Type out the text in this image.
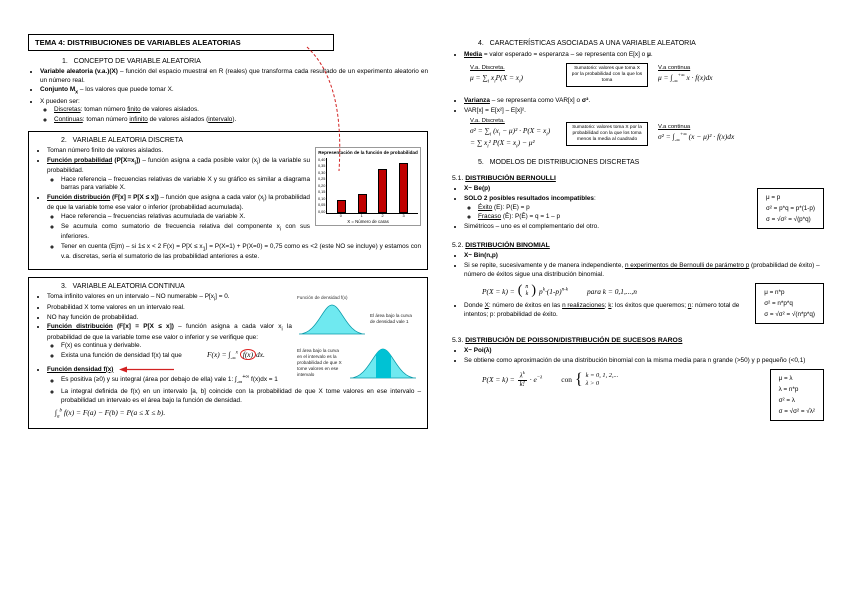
TEMA 4: DISTRIBUCIONES DE VARIABLES ALEATORIAS
1.   CONCEPTO DE VARIABLE ALEATORIA
• Variable aleatoria (v.a.)(X) – función del espacio muestral en R (reales) que transforma cada resultado de un experimento aleatorio en un número real.
• Conjunto $M_x$ – los valores que puede tomar X.
• X pueden ser:
◦ Discretas: toman número finito de valores aislados.
◦ Continuas: toman número infinito de valores aislados (intervalo).
2.   VARIABLE ALEATORIA DISCRETA
Representación de la función de probabilidad
0,40
0,35
0,30
0,25
0,20
0,15
0,10
0,05
0,00
0	1	2	3
X = Número de caras
• Toman número finito de valores aislados.
• Función probabilidad $(P[X=x_i])$ – función asigna a cada posible valor $(x_i)$ de la variable su probabilidad.
◦ Hace referencia – frecuencias relativas de variable X y su gráfico es similar a diagrama barras para variable X.
• Función distribución (F[x] = P[X ≤ x]) – función que asigna a cada valor $(x_i)$ la probabilidad de que la variable tome ese valor o inferior (probabilidad acumulada).
◦ Hace referencia – frecuencias relativas acumulada de variable X.
◦ Se acumula como sumatorio de frecuencia relativa del componente $x_i$ con sus inferiores.
◦ Tener en cuenta (Ejm) – si 1≤ x < 2 $F(x) = P[X \le x_1] = P(X=1) + P(X=0) = 0,75$ como es <2 (este NO se incluye) y estamos con v.a. discretas, sería el sumatorio de las probabilidad anteriores a este.
3.   VARIABLE ALEATORIA CONTINUA
Función de densidad f(x)
El área bajo la curva de densidad vale 1
El área bajo la curva en el intervalo es la probabilidad de que X tome valores en ese intervalo
• Toma infinito valores en un intervalo – NO numerable – $P[x_i] = 0$.
• Probabilidad X tome valores en un intervalo real.
• NO hay función de probabilidad.
• Función distribución (F[x] = P[X ≤ x]) – función asigna a cada valor $x_i$ la probabilidad de que la variable tome ese valor o inferior y se verifique que:
◦ F(x) es continua y derivable.
◦ Exista una función de densidad f(x) tal que	$F(x) = \int_{-\infty}^x$ f(x) dx.
• Función densidad f(x)
◦ Es positiva (≥0) y su integral (área por debajo de ella) vale 1: $\int_{-\infty}^{+\infty}$ f(x)dx = 1
◦ La integral definida de f(x) en un intervalo [a, b] coincide con la probabilidad de que X tome valores en ese intervalo – probabilidad un intervalo es el área bajo la función de densidad.
$\int_a^b$ f(x) = F(a) − F(b) = P(a ≤ X ≤ b).
4.   CARACTERÍSTICAS ASOCIADAS A UNA VARIABLE ALEATORIA
• Media = valor esperado = esperanza – se representa con E[x] o μ.
V.a. Discreta.
$\mu = \sum_i$ $x_iP(X = x_i)$
Sumatorio: valores que toma X por la probabilidad con la que los toma
V.a continua
$\mu = \int_{-\infty}^{+\infty}$ x · f(x)dx
• Varianza – se representa como VAR[x] o σ².
• VAR[x] = E[x²] – E[x]².
V.a. Discreta.
$\sigma^2 = \sum_i$ $(x_i - \mu)^2 \cdot P(X = x_i)$
= ∑ $x_i^2$ $P(X = x_i) - \mu^2$
Sumatorio: valores toma X por la probabilidad con la que los toma menos la media al cuadrado
V.a continua
$\sigma^2 = \int_{-\infty}^{+\infty}$ (x − μ)² · f(x)dx
5.   MODELOS DE DISTRIBUCIONES DISCRETAS
5.1. DISTRIBUCIÓN BERNOULLI
μ = p
σ² = p*q = p*(1-p)
σ = √σ² = √(p*q)
• X~ Be(p)
• SOLO 2 posibles resultados incompatibles:
◦ Éxito (E): P(E) = p
◦ Fracaso (Ē): P(Ē) = q = 1 – p
• Simétricos – uno es el complementario del otro.
5.2. DISTRIBUCIÓN BINOMIAL
• X~ Bin(n,p)
• Si se repite, sucesivamente y de manera independiente, n experimentos de Bernoulli de parámetro p (probabilidad de éxito) – número de éxitos sigue una distribución binomial.
μ = n*p
σ² = n*p*q
σ = √σ² = √(n*p*q)
P(X = k) = ( n
k ) $p^k\cdot(1-p)^{n-k}$	para k = 0,1,...,n
• Donde X: número de éxitos en las n realizaciones; k: los éxitos que queremos; n: número total de intentos; p: probabilidad de éxito.
5.3. DISTRIBUCIÓN DE POISSON/DISTRIBUCIÓN DE SUCESOS RAROS
• X~ Poi(λ)
• Se obtiene como aproximación de una distribución binomial con la misma media para n grande (>50) y p pequeño (<0,1)
μ = λ
λ = n*p
σ² = λ
σ = √σ² = √λ²
$P(X = k) = \frac{\lambda^k}{k!} \cdot e^{-\lambda}$	con { k = 0, 1, 2,...
λ > 0
